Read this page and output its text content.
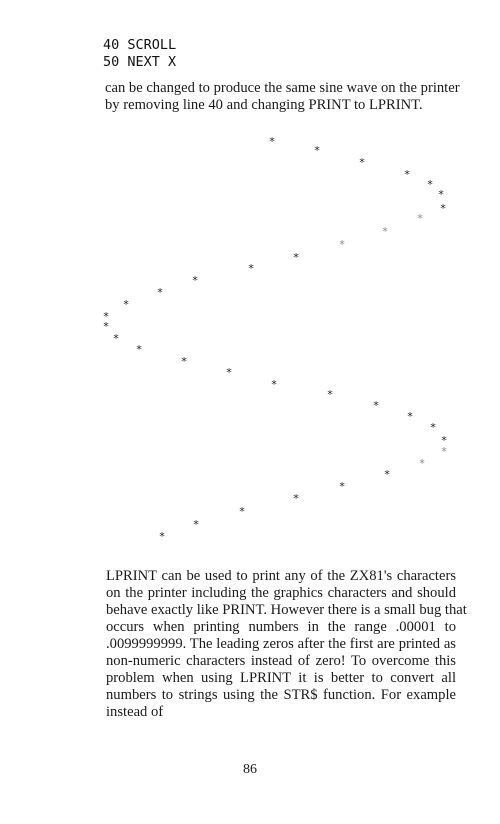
40 SCROLL
50 NEXT X
can be changed to produce the same sine wave on the printer
by removing line 40 and changing PRINT to LPRINT.
*
*
*
*
*
*
*
*
*
*
*
*
*
*
*
*
*
*
*
*
*
*
*
*
*
*
*
*
*
*
*
*
*
*
*
LPRINT can be used to print any of the ZX81's characters
on the printer including the graphics characters and should
behave exactly like PRINT. However there is a small bug that
occurs when printing numbers in the range .00001 to
.0099999999. The leading zeros after the first are printed as
non-numeric characters instead of zero! To overcome this
problem when using LPRINT it is better to convert all
numbers to strings using the STR$ function. For example
instead of
86
